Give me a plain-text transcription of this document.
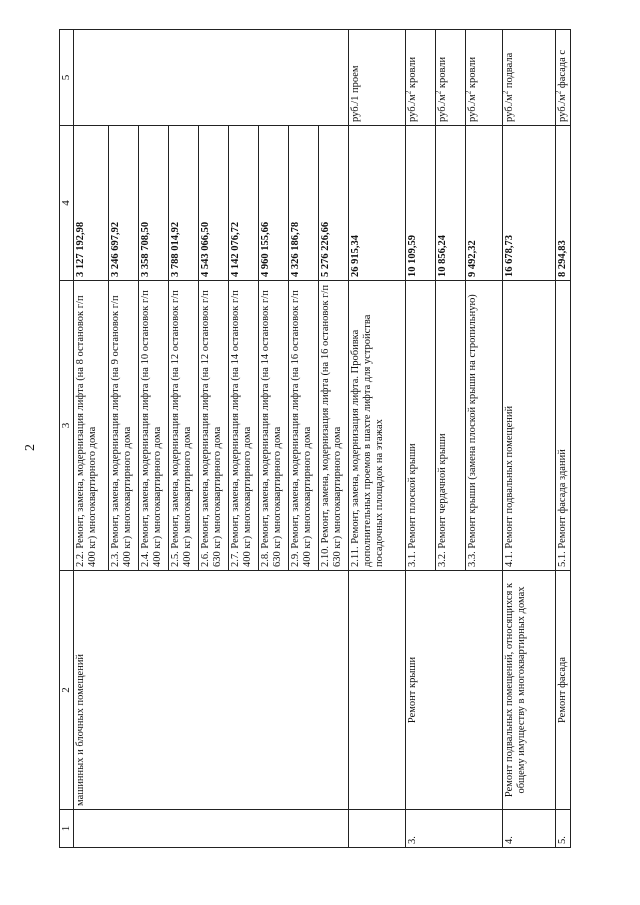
2
1	2	3	4	5
	машинных и блочных помещений	2.2. Ремонт, замена, модернизация лифта (на 8 остановок г/п 400 кг) многоквартирного дома	3 127 192,98	
		2.3. Ремонт, замена, модернизация лифта (на 9 остановок г/п 400 кг) многоквартирного дома	3 246 697,92	
		2.4. Ремонт, замена, модернизация лифта (на 10 остановок г/п 400 кг) многоквартирного дома	3 358 708,50	
		2.5. Ремонт, замена, модернизация лифта (на 12 остановок г/п 400 кг) многоквартирного дома	3 788 014,92	
		2.6. Ремонт, замена, модернизация лифта (на 12 остановок г/п 630 кг) многоквартирного дома	4 543 066,50	
		2.7. Ремонт, замена, модернизация лифта (на 14 остановок г/п 400 кг) многоквартирного дома	4 142 076,72	
		2.8. Ремонт, замена, модернизация лифта (на 14 остановок г/п 630 кг) многоквартирного дома	4 960 155,66	
		2.9. Ремонт, замена, модернизация лифта (на 16 остановок г/п 400 кг) многоквартирного дома	4 326 186,78	
		2.10. Ремонт, замена, модернизация лифта (на 16 остановок г/п 630 кг) многоквартирного дома	5 276 226,66	
		2.11. Ремонт, замена, модернизация лифта. Пробивка дополнительных проемов в шахте лифта для устройства посадочных площадок на этажах	26 915,34	руб./1 проем
3.	Ремонт крыши	3.1. Ремонт плоской крыши	10 109,59	$руб./м^2$ кровли
		3.2. Ремонт чердачной крыши	10 856,24	$руб./м^2$ кровли
		3.3. Ремонт крыши (замена плоской крыши на стропильную)	9 492,32	$руб./м^2$ кровли
4.	Ремонт подвальных помещений, относящихся к общему имуществу в многоквартирных домах	4.1. Ремонт подвальных помещений	16 678,73	$руб./м^2$ подвала
5.	Ремонт фасада	5.1. Ремонт фасада зданий	8 294,83	$руб./м^2$ фасада с
